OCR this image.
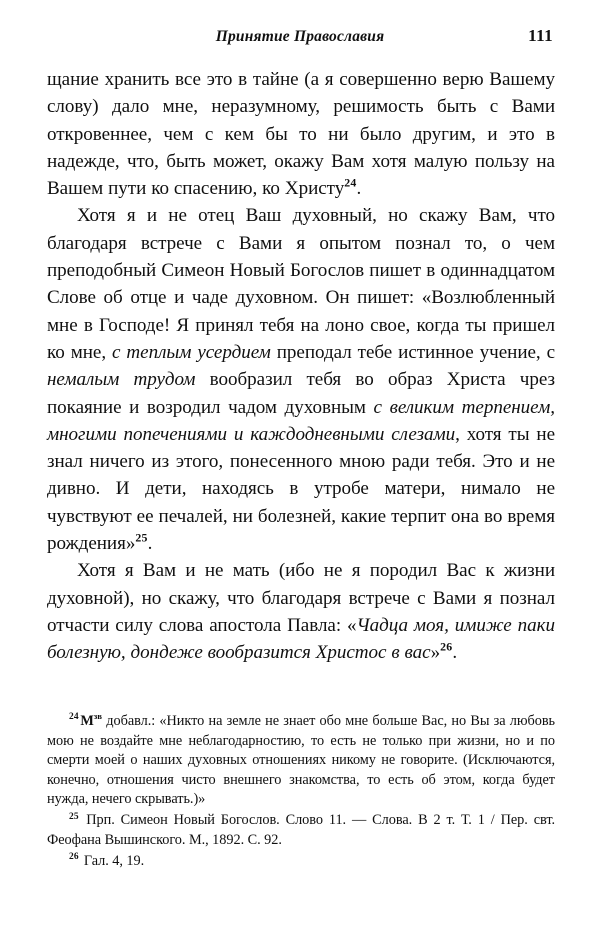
Принятие Православия	111

щание хранить все это в тайне (а я совершенно верю Вашему слову) дало мне, неразумному, решимость быть с Вами откровеннее, чем с кем бы то ни было другим, и это в надежде, что, быть может, окажу Вам хотя малую пользу на Вашем пути ко спасению, ко Христу$^{24}$.

Хотя я и не отец Ваш духовный, но скажу Вам, что благодаря встрече с Вами я опытом познал то, о чем преподобный Симеон Новый Богослов пишет в одиннадцатом Слове об отце и чаде духовном. Он пишет: «Возлюбленный мне в Господе! Я принял тебя на лоно свое, когда ты пришел ко мне, с теплым усердием преподал тебе истинное учение, с немалым трудом вообразил тебя во образ Христа чрез покаяние и возродил чадом духовным с великим терпением, многими попечениями и каждодневными слезами, хотя ты не знал ничего из этого, понесенного мною ради тебя. Это и не дивно. И дети, находясь в утробе матери, нимало не чувствуют ее печалей, ни болезней, какие терпит она во время рождения»$^{25}$.

Хотя я Вам и не мать (ибо не я породил Вас к жизни духовной), но скажу, что благодаря встрече с Вами я познал отчасти силу слова апостола Павла: «Чадца моя, имиже паки болезную, дондеже вообразится Христос в вас»$^{26}$.

$^{24}$ $М^{зв}$ добавл.: «Никто на земле не знает обо мне больше Вас, но Вы за любовь мою не воздайте мне неблагодарностию, то есть не только при жизни, но и по смерти моей о наших духовных отношениях никому не говорите. (Исключаются, конечно, отношения чисто внешнего знакомства, то есть об этом, когда будет нужда, нечего скрывать.)»

$^{25}$ Прп. Симеон Новый Богослов. Слово 11. — Слова. В 2 т. Т. 1 / Пер. свт. Феофана Вышинского. М., 1892. С. 92.

$^{26}$ Гал. 4, 19.
